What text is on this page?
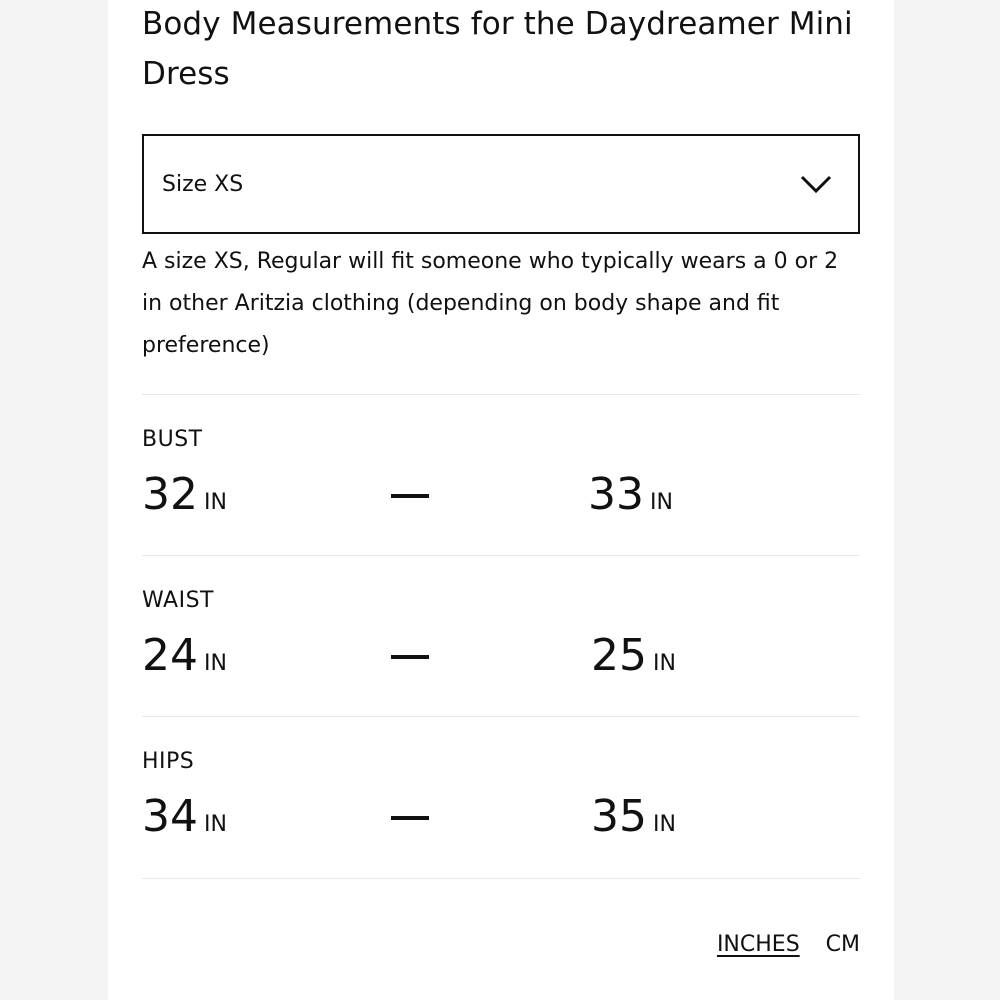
Body Measurements for the Daydreamer Mini Dress
Size XS

A size XS, Regular will fit someone who typically wears a 0 or 2 in other Aritzia clothing (depending on body shape and fit preference)

BUST
32 IN	33 IN
WAIST
24 IN	25 IN
HIPS
34 IN	35 IN
INCHES CM
